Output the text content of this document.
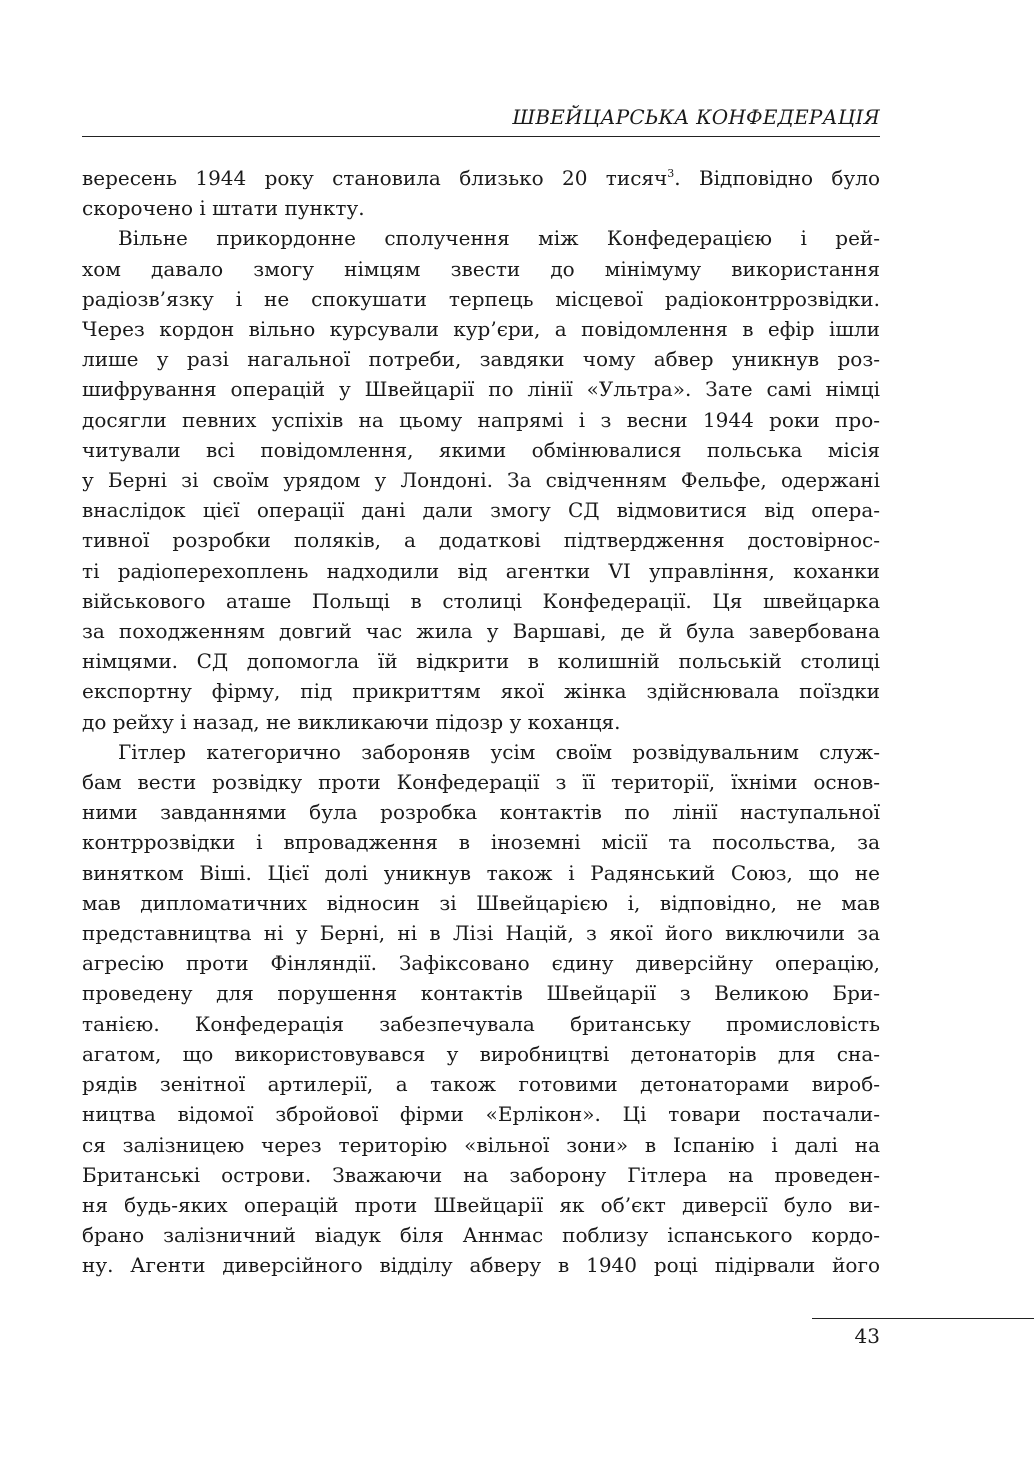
ШВЕЙЦАРСЬКА КОНФЕДЕРАЦІЯ
вересень 1944 року становила близько 20 тисяч$^3$. Відповідно було
скорочено і штати пункту.
Вільне прикордонне сполучення між Конфедерацією і рей-
хом давало змогу німцям звести до мінімуму використання
радіозв’язку і не спокушати терпець місцевої радіоконтррозвідки.
Через кордон вільно курсували кур’єри, а повідомлення в ефір ішли
лише у разі нагальної потреби, завдяки чому абвер уникнув роз-
шифрування операцій у Швейцарії по лінії «Ультра». Зате самі німці
досягли певних успіхів на цьому напрямі і з весни 1944 роки про-
читували всі повідомлення, якими обмінювалися польська місія
у Берні зі своїм урядом у Лондоні. За свідченням Фельфе, одержані
внаслідок цієї операції дані дали змогу СД відмовитися від опера-
тивної розробки поляків, а додаткові підтвердження достовірнос-
ті радіоперехоплень надходили від агентки VI управління, коханки
військового аташе Польщі в столиці Конфедерації. Ця швейцарка
за походженням довгий час жила у Варшаві, де й була завербована
німцями. СД допомогла їй відкрити в колишній польській столиці
експортну фірму, під прикриттям якої жінка здійснювала поїздки
до рейху і назад, не викликаючи підозр у коханця.
Гітлер категорично забороняв усім своїм розвідувальним служ-
бам вести розвідку проти Конфедерації з її території, їхніми основ-
ними завданнями була розробка контактів по лінії наступальної
контррозвідки і впровадження в іноземні місії та посольства, за
винятком Віші. Цієї долі уникнув також і Радянський Союз, що не
мав дипломатичних відносин зі Швейцарією і, відповідно, не мав
представництва ні у Берні, ні в Лізі Націй, з якої його виключили за
агресію проти Фінляндії. Зафіксовано єдину диверсійну операцію,
проведену для порушення контактів Швейцарії з Великою Бри-
танією. Конфедерація забезпечувала британську промисловість
агатом, що використовувався у виробництві детонаторів для сна-
рядів зенітної артилерії, а також готовими детонаторами вироб-
ництва відомої збройової фірми «Ерлікон». Ці товари постачали-
ся залізницею через територію «вільної зони» в Іспанію і далі на
Британські острови. Зважаючи на заборону Гітлера на проведен-
ня будь-яких операцій проти Швейцарії як об’єкт диверсії було ви-
брано залізничний віадук біля Аннмас поблизу іспанського кордо-
ну. Агенти диверсійного відділу абверу в 1940 році підірвали його
43
